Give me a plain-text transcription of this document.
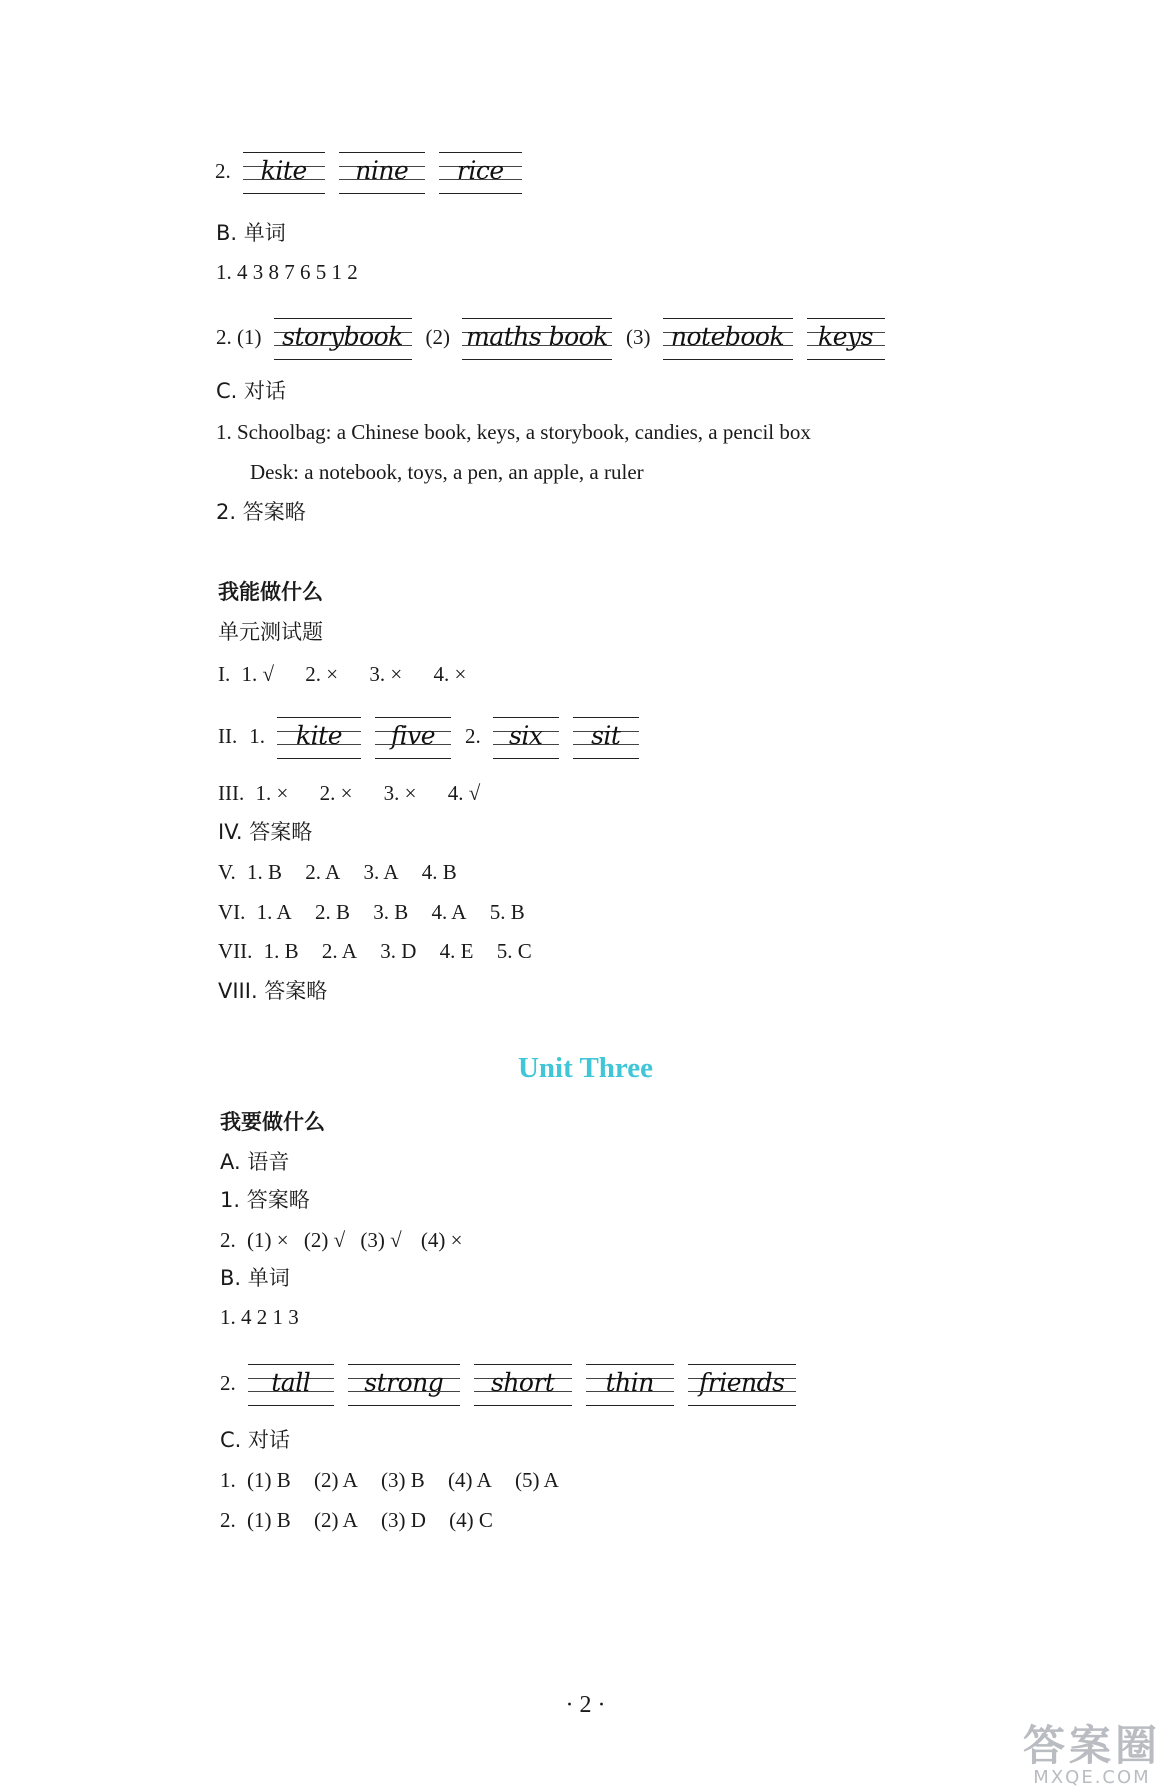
2.	kite	nine	rice
B. 单词
1. 4 3 8 7 6 5 1 2
2. (1) storybook	(2) maths book (3) notebook	keys
C. 对话
1. Schoolbag: a Chinese book, keys, a storybook, candies, a pencil box
Desk: a notebook, toys, a pen, an apple, a ruler
2. 答案略
我能做什么
单元测试题
I. 1. √ 2. × 3. × 4. ×
II. 1.	kite	five	2.	six	sit
III. 1. × 2. × 3. × 4. √
IV. 答案略
V. 1. B 2. A 3. A 4. B
VI. 1. A 2. B 3. B 4. A 5. B
VII. 1. B 2. A 3. D 4. E 5. C
VIII. 答案略
Unit Three
我要做什么
A. 语音
1. 答案略
2. (1) × (2) √ (3) √ (4) ×
B. 单词
1. 4 2 1 3
2.	tall	strong	short	thin	friends
C. 对话
1. (1) B (2) A (3) B (4) A (5) A
2. (1) B (2) A (3) D (4) C
· 2 ·
答案圈
MXQE.COM
